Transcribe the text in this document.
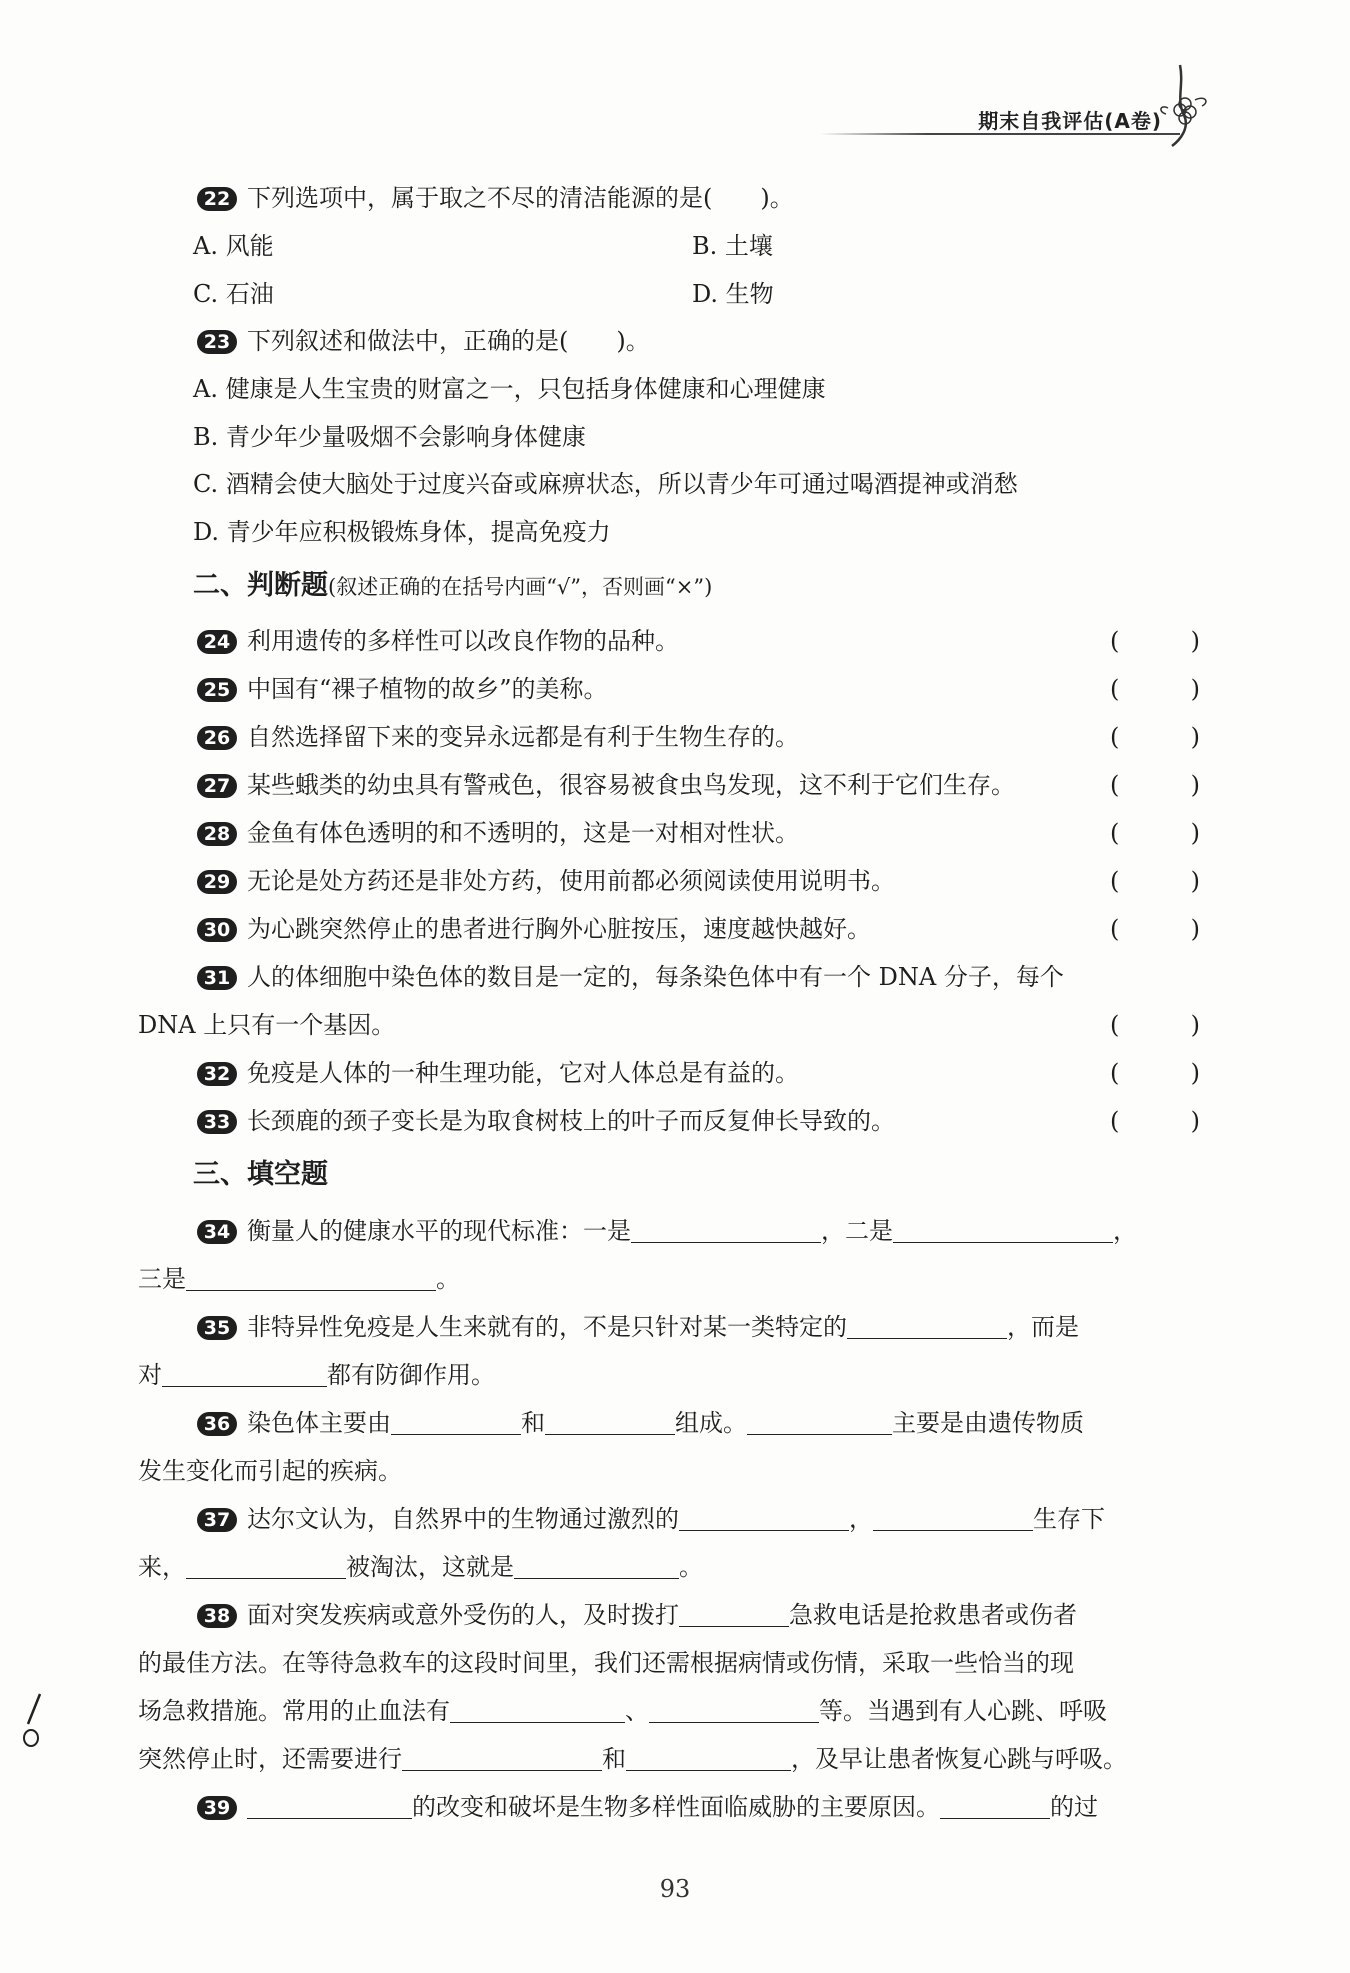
期末自我评估(A卷)
22 下列选项中，属于取之不尽的清洁能源的是(　　)。
A. 风能	B. 土壤
C. 石油	D. 生物
23 下列叙述和做法中，正确的是(　　)。
A. 健康是人生宝贵的财富之一，只包括身体健康和心理健康
B. 青少年少量吸烟不会影响身体健康
C. 酒精会使大脑处于过度兴奋或麻痹状态，所以青少年可通过喝酒提神或消愁
D. 青少年应积极锻炼身体，提高免疫力
二、判断题(叙述正确的在括号内画“√”，否则画“×”)
24 利用遗传的多样性可以改良作物的品种。	(	)
25 中国有“裸子植物的故乡”的美称。	(	)
26 自然选择留下来的变异永远都是有利于生物生存的。	(	)
27 某些蛾类的幼虫具有警戒色，很容易被食虫鸟发现，这不利于它们生存。	(	)
28 金鱼有体色透明的和不透明的，这是一对相对性状。	(	)
29 无论是处方药还是非处方药，使用前都必须阅读使用说明书。	(	)
30 为心跳突然停止的患者进行胸外心脏按压，速度越快越好。	(	)
31 人的体细胞中染色体的数目是一定的，每条染色体中有一个 DNA 分子，每个
DNA 上只有一个基因。	(	)
32 免疫是人体的一种生理功能，它对人体总是有益的。	(	)
33 长颈鹿的颈子变长是为取食树枝上的叶子而反复伸长导致的。	(	)
三、填空题
34 衡量人的健康水平的现代标准：一是	，二是	，
三是	。
35 非特异性免疫是人生来就有的，不是只针对某一类特定的	，而是
对	都有防御作用。
36 染色体主要由	和	组成。	主要是由遗传物质
发生变化而引起的疾病。
37 达尔文认为，自然界中的生物通过激烈的	，	生存下
来，	被淘汰，这就是	。
38 面对突发疾病或意外受伤的人，及时拨打	急救电话是抢救患者或伤者
的最佳方法。在等待急救车的这段时间里，我们还需根据病情或伤情，采取一些恰当的现
场急救措施。常用的止血法有	、	等。当遇到有人心跳、呼吸
突然停止时，还需要进行	和	，及早让患者恢复心跳与呼吸。
39	的改变和破坏是生物多样性面临威胁的主要原因。	的过
93
